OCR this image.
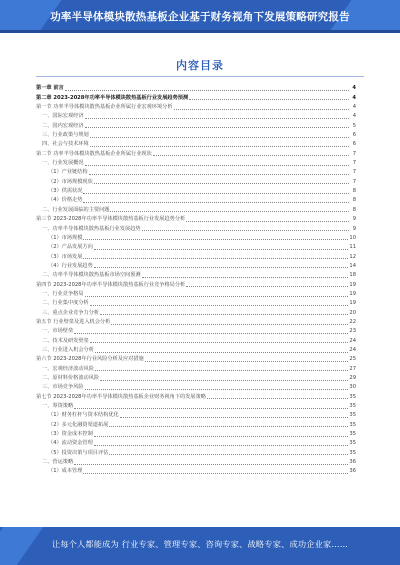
功率半导体模块散热基板企业基于财务视角下发展策略研究报告
内容目录
第一章 前言	4
第二章 2023-2028年功率半导体模块散热基板行业发展趋势预测	4
第一节 功率半导体模块散热基板企业所属行业宏观环境分析	4
一、国际宏观经济	4
二、国内宏观经济	5
三、行业政策与规划	6
四、社会与技术环境	6
第二节 功率半导体模块散热基板企业所属行业现状	7
一、行业发展概况	7
（1）产业链结构	7
（2）市场规模现状	7
（3）供需状况	8
（4）价格走势	8
二、行业发展面临的主要问题	8
第三节 2023-2028年功率半导体模块散热基板行业发展趋势分析	9
一、功率半导体模块散热基板行业发展趋势	9
（1）市场规模	10
（2）产品发展方向	11
（3）市场发展	12
（4）行业发展趋势	14
二、功率半导体模块散热基板市场空间预测	18
第四节 2023-2028年功率半导体模块散热基板行业竞争格局分析	19
一、行业竞争格局	19
二、行业集中度分析	19
三、重点企业竞争力分析	20
第五节 行业壁垒及进入机会分析	22
一、市场壁垒	23
二、技术及研发壁垒	24
三、行业进入机会分析	24
第六节 2023-2028年行业风险分析及应对措施	25
一、宏观经济波动风险	27
二、原材料价格波动风险	29
三、市场竞争风险	30
第七节 2023-2028年功率半导体模块散热基板企业财务视角下的发展策略	35
一、筹资策略	35
（1）财务杠杆与资本结构优化	35
（2）多元化融资渠道拓展	35
（3）资金成本控制	35
（4）流动资金管理	35
（5）投资决策与项目评估	35
二、营运策略	36
（1）成本管理	36
让每个人都能成为 行业专家、管理专家、咨询专家、战略专家、成功企业家……
